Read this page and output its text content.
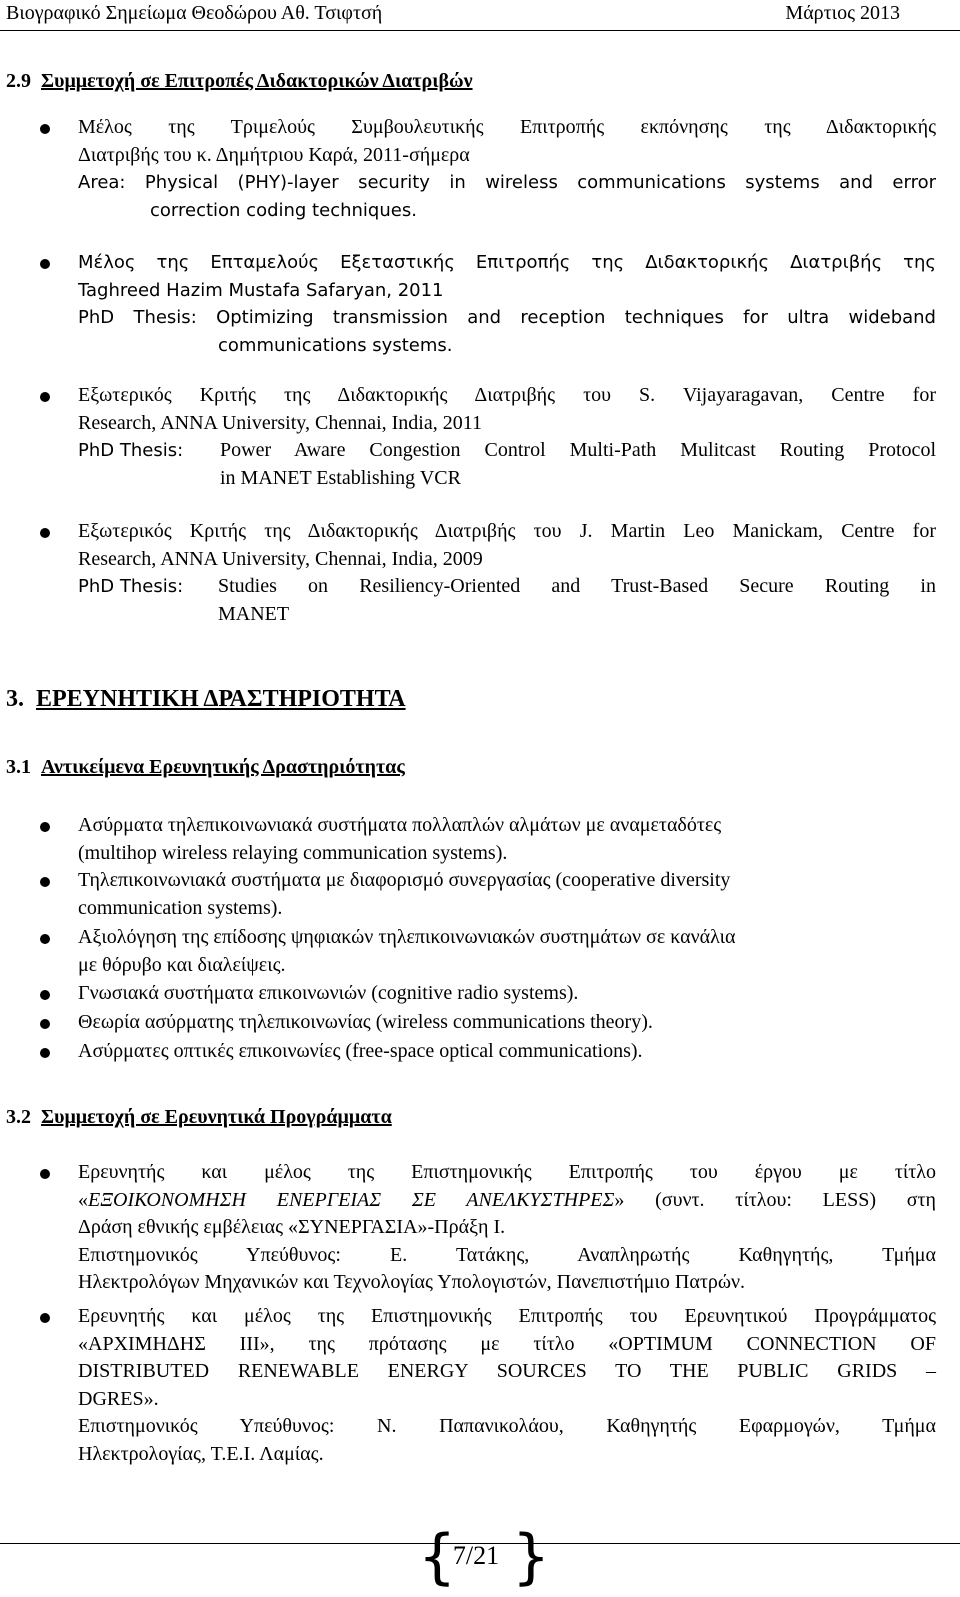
Βιογραφικό Σημείωμα Θεοδώρου Αθ. Τσιφτσή	Μάρτιος 2013
2.9 Συμμετοχή σε Επιτροπές Διδακτορικών Διατριβών
Μέλος της Τριμελούς Συμβουλευτικής Επιτροπής εκπόνησης της Διδακτορικής
Διατριβής του κ. Δημήτριου Καρά, 2011-σήμερα
Area: Physical (PHY)-layer security in wireless communications systems and error
correction coding techniques.
Μέλος της Επταμελούς Εξεταστικής Επιτροπής της Διδακτορικής Διατριβής της
Taghreed Hazim Mustafa Safaryan, 2011
PhD Thesis: Optimizing transmission and reception techniques for ultra wideband
communications systems.
Εξωτερικός Κριτής της Διδακτορικής Διατριβής του S. Vijayaragavan, Centre for
Research, ANNA University, Chennai, India, 2011
PhD Thesis: Power Aware Congestion Control Multi-Path Mulitcast Routing Protocol
in MANET Establishing VCR
Εξωτερικός Κριτής της Διδακτορικής Διατριβής του J. Martin Leo Manickam, Centre for
Research, ANNA University, Chennai, India, 2009
PhD Thesis: Studies on Resiliency-Oriented and Trust-Based Secure Routing in
MANET
3. ΕΡΕΥΝΗΤΙΚΗ ΔΡΑΣΤΗΡΙΟΤΗΤΑ
3.1 Αντικείμενα Ερευνητικής Δραστηριότητας
Ασύρματα τηλεπικοινωνιακά συστήματα πολλαπλών αλμάτων με αναμεταδότες
(multihop wireless relaying communication systems).
Τηλεπικοινωνιακά συστήματα με διαφορισμό συνεργασίας (cooperative diversity
communication systems).
Αξιολόγηση της επίδοσης ψηφιακών τηλεπικοινωνιακών συστημάτων σε κανάλια
με θόρυβο και διαλείψεις.
Γνωσιακά συστήματα επικοινωνιών (cognitive radio systems).
Θεωρία ασύρματης τηλεπικοινωνίας (wireless communications theory).
Ασύρματες οπτικές επικοινωνίες (free-space optical communications).
3.2 Συμμετοχή σε Ερευνητικά Προγράμματα
Ερευνητής και μέλος της Επιστημονικής Επιτροπής του έργου με τίτλο
«ΕΞΟΙΚΟΝΟΜΗΣΗ ΕΝΕΡΓΕΙΑΣ ΣΕ ΑΝΕΛΚΥΣΤΗΡΕΣ» (συντ. τίτλου: LESS) στη
Δράση εθνικής εμβέλειας «ΣΥΝΕΡΓΑΣΙΑ»-Πράξη Ι.
Επιστημονικός Υπεύθυνος: Ε. Τατάκης, Αναπληρωτής Καθηγητής, Τμήμα
Ηλεκτρολόγων Μηχανικών και Τεχνολογίας Υπολογιστών, Πανεπιστήμιο Πατρών.
Ερευνητής και μέλος της Επιστημονικής Επιτροπής του Ερευνητικού Προγράμματος
«ΑΡΧΙΜΗΔΗΣ ΙΙΙ», της πρότασης με τίτλο «OPTIMUM CONNECTION OF
DISTRIBUTED RENEWABLE ENERGY SOURCES TO THE PUBLIC GRIDS –
DGRES».
Επιστημονικός Υπεύθυνος: Ν. Παπανικολάου, Καθηγητής Εφαρμογών, Τμήμα
Ηλεκτρολογίας, Τ.Ε.Ι. Λαμίας.
{
7/21 }
